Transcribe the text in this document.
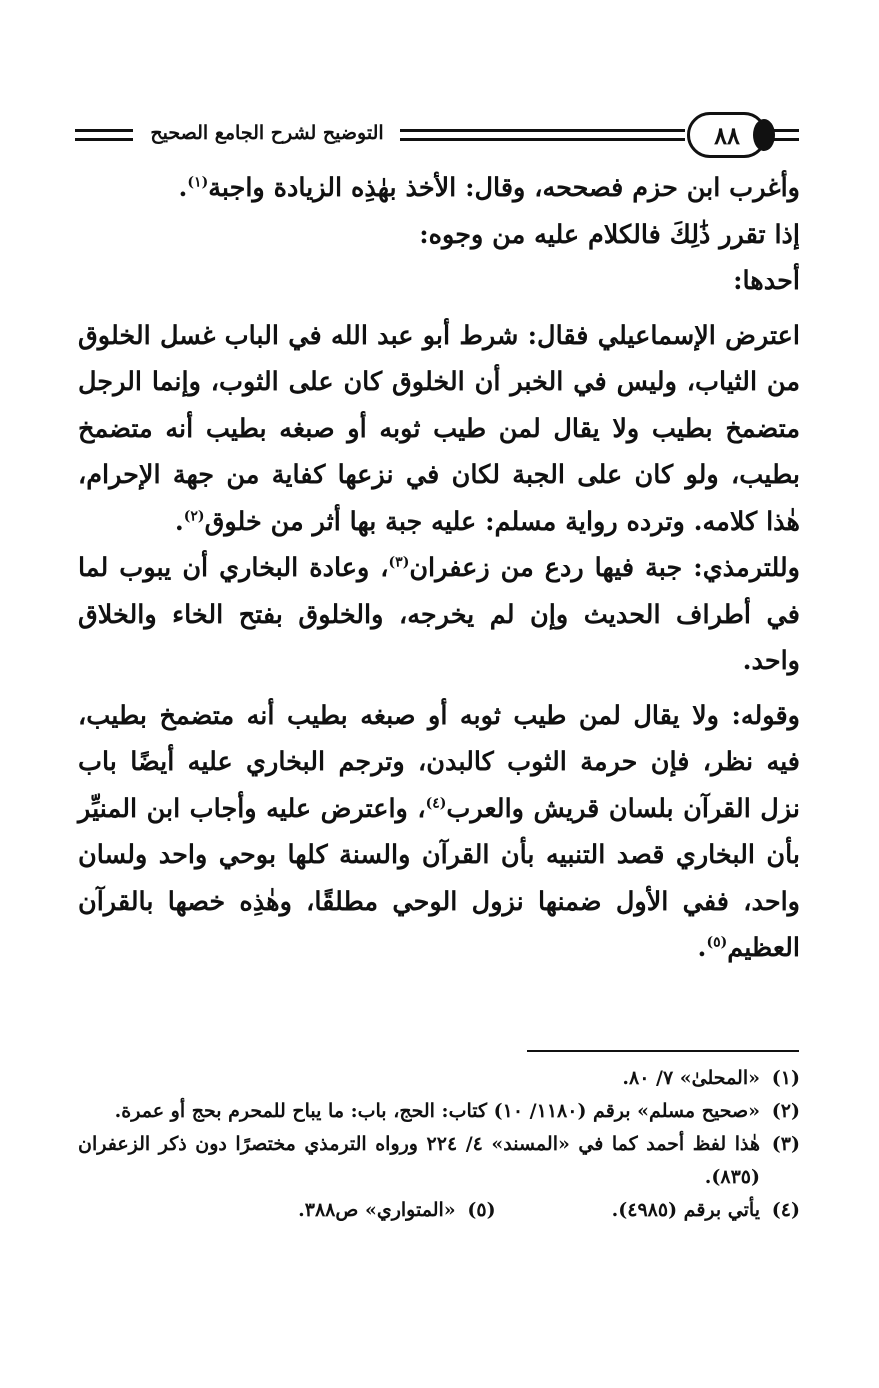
٨٨
التوضيح لشرح الجامع الصحيح

وأغرب ابن حزم فصححه، وقال: الأخذ بهٰذِه الزيادة واجبة$^{(١)}$.

إذا تقرر ذَٰلِكَ فالكلام عليه من وجوه:

أحدها:

اعترض الإسماعيلي فقال: شرط أبو عبد الله في الباب غسل الخلوق من الثياب، وليس في الخبر أن الخلوق كان على الثوب، وإنما الرجل متضمخ بطيب ولا يقال لمن طيب ثوبه أو صبغه بطيب أنه متضمخ بطيب، ولو كان على الجبة لكان في نزعها كفاية من جهة الإحرام، هٰذا كلامه. وترده رواية مسلم: عليه جبة بها أثر من خلوق$^{(٢)}$.

وللترمذي: جبة فيها ردع من زعفران$^{(٣)}$، وعادة البخاري أن يبوب لما في أطراف الحديث وإن لم يخرجه، والخلوق بفتح الخاء والخلاق واحد.

وقوله: ولا يقال لمن طيب ثوبه أو صبغه بطيب أنه متضمخ بطيب، فيه نظر، فإن حرمة الثوب كالبدن، وترجم البخاري عليه أيضًا باب نزل القرآن بلسان قريش والعرب$^{(٤)}$، واعترض عليه وأجاب ابن المنيِّر بأن البخاري قصد التنبيه بأن القرآن والسنة كلها بوحي واحد ولسان واحد، ففي الأول ضمنها نزول الوحي مطلقًا، وهٰذِه خصها بالقرآن العظيم$^{(٥)}$.

(١)
«المحلىٰ» ٧/ ٨٠.
(٢)
«صحيح مسلم» برقم (١١٨٠/ ١٠) كتاب: الحج، باب: ما يباح للمحرم بحج أو عمرة.
(٣)
هٰذا لفظ أحمد كما في «المسند» ٤/ ٢٢٤ ورواه الترمذي مختصرًا دون ذكر الزعفران (٨٣٥).
(٤)
يأتي برقم (٤٩٨٥).
(٥)
«المتواري» ص٣٨٨.
